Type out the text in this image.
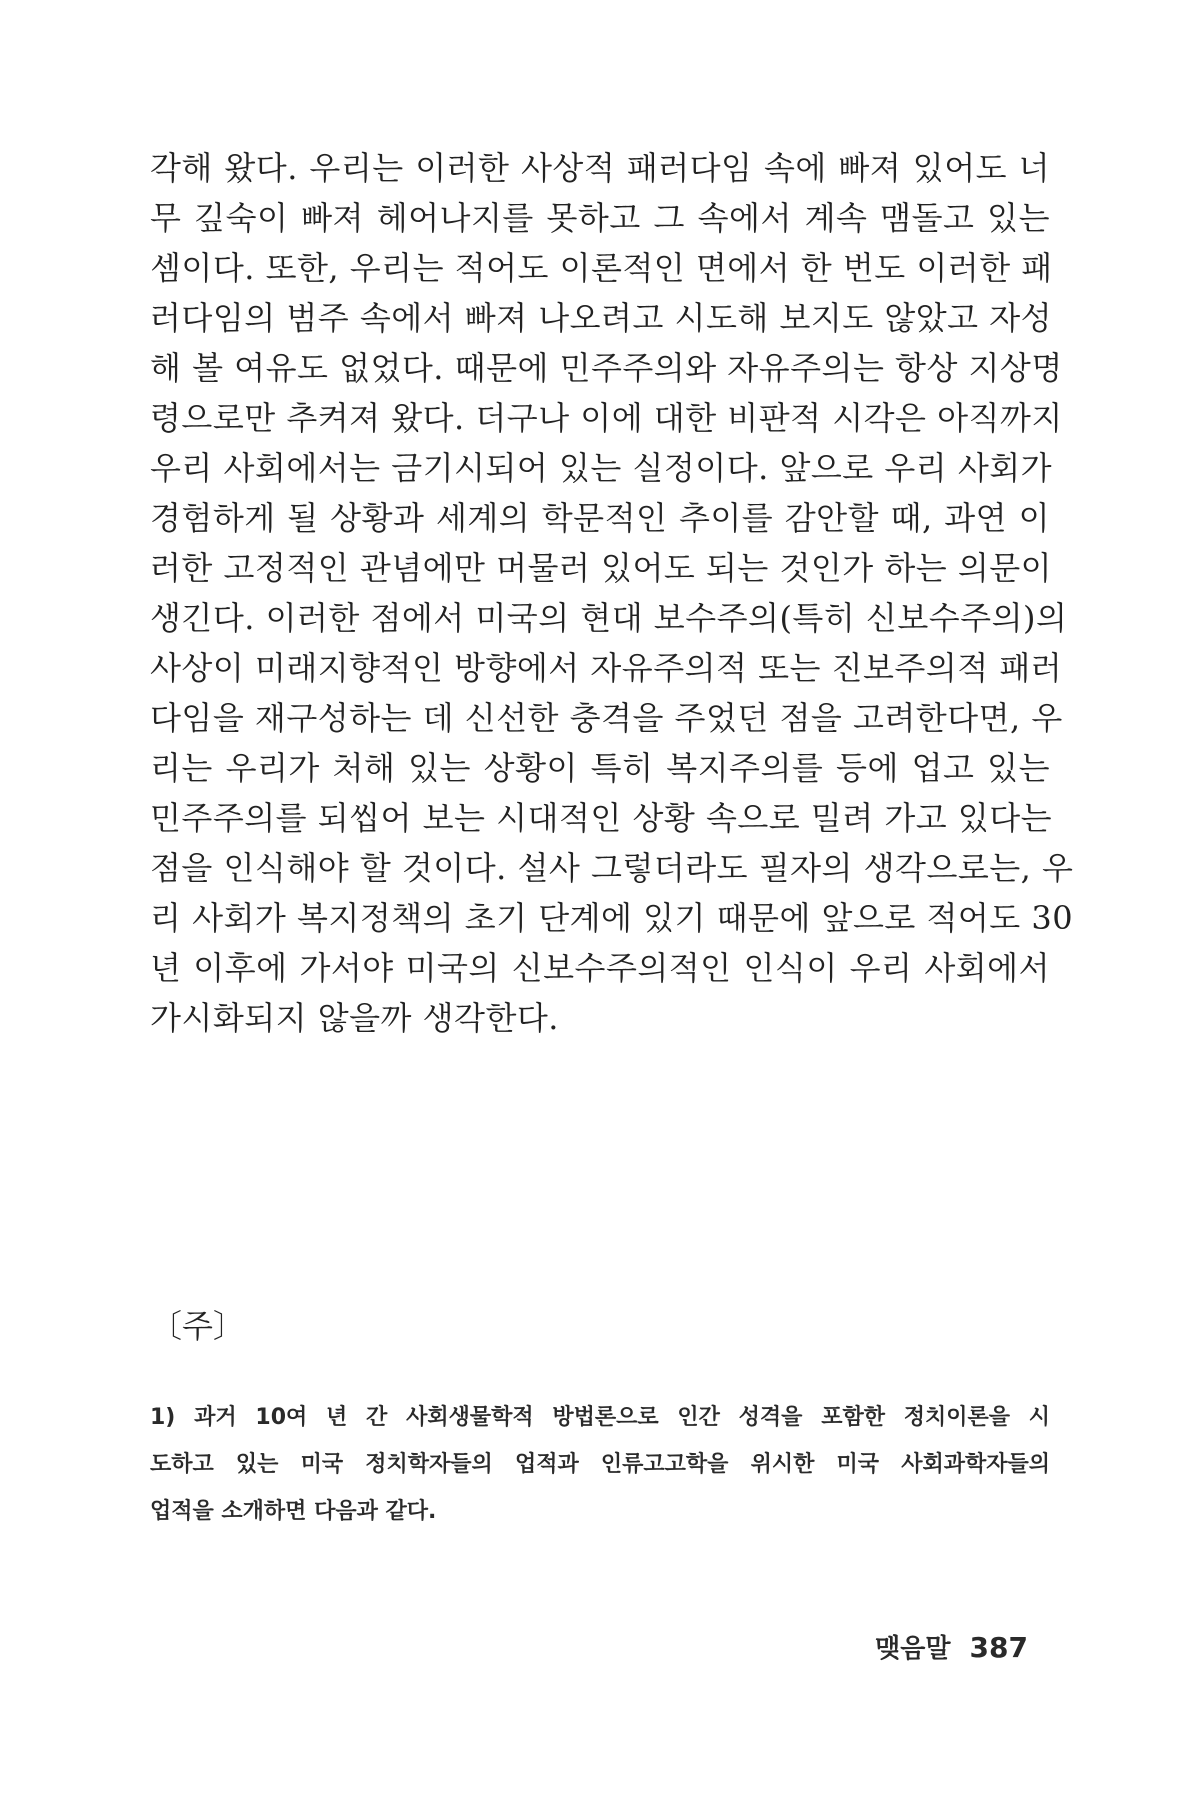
각해 왔다. 우리는 이러한 사상적 패러다임 속에 빠져 있어도 너
무 깊숙이 빠져 헤어나지를 못하고 그 속에서 계속 맴돌고 있는
셈이다. 또한, 우리는 적어도 이론적인 면에서 한 번도 이러한 패
러다임의 범주 속에서 빠져 나오려고 시도해 보지도 않았고 자성
해 볼 여유도 없었다. 때문에 민주주의와 자유주의는 항상 지상명
령으로만 추켜져 왔다. 더구나 이에 대한 비판적 시각은 아직까지
우리 사회에서는 금기시되어 있는 실정이다. 앞으로 우리 사회가
경험하게 될 상황과 세계의 학문적인 추이를 감안할 때, 과연 이
러한 고정적인 관념에만 머물러 있어도 되는 것인가 하는 의문이
생긴다. 이러한 점에서 미국의 현대 보수주의(특히 신보수주의)의
사상이 미래지향적인 방향에서 자유주의적 또는 진보주의적 패러
다임을 재구성하는 데 신선한 충격을 주었던 점을 고려한다면, 우
리는 우리가 처해 있는 상황이 특히 복지주의를 등에 업고 있는
민주주의를 되씹어 보는 시대적인 상황 속으로 밀려 가고 있다는
점을 인식해야 할 것이다. 설사 그렇더라도 필자의 생각으로는, 우
리 사회가 복지정책의 초기 단계에 있기 때문에 앞으로 적어도 30
년 이후에 가서야 미국의 신보수주의적인 인식이 우리 사회에서
가시화되지 않을까 생각한다.
〔주〕
1) 과거 10여 년 간 사회생물학적 방법론으로 인간 성격을 포함한 정치이론을 시
도하고 있는 미국 정치학자들의 업적과 인류고고학을 위시한 미국 사회과학자들의
업적을 소개하면 다음과 같다.
맺음말 387
